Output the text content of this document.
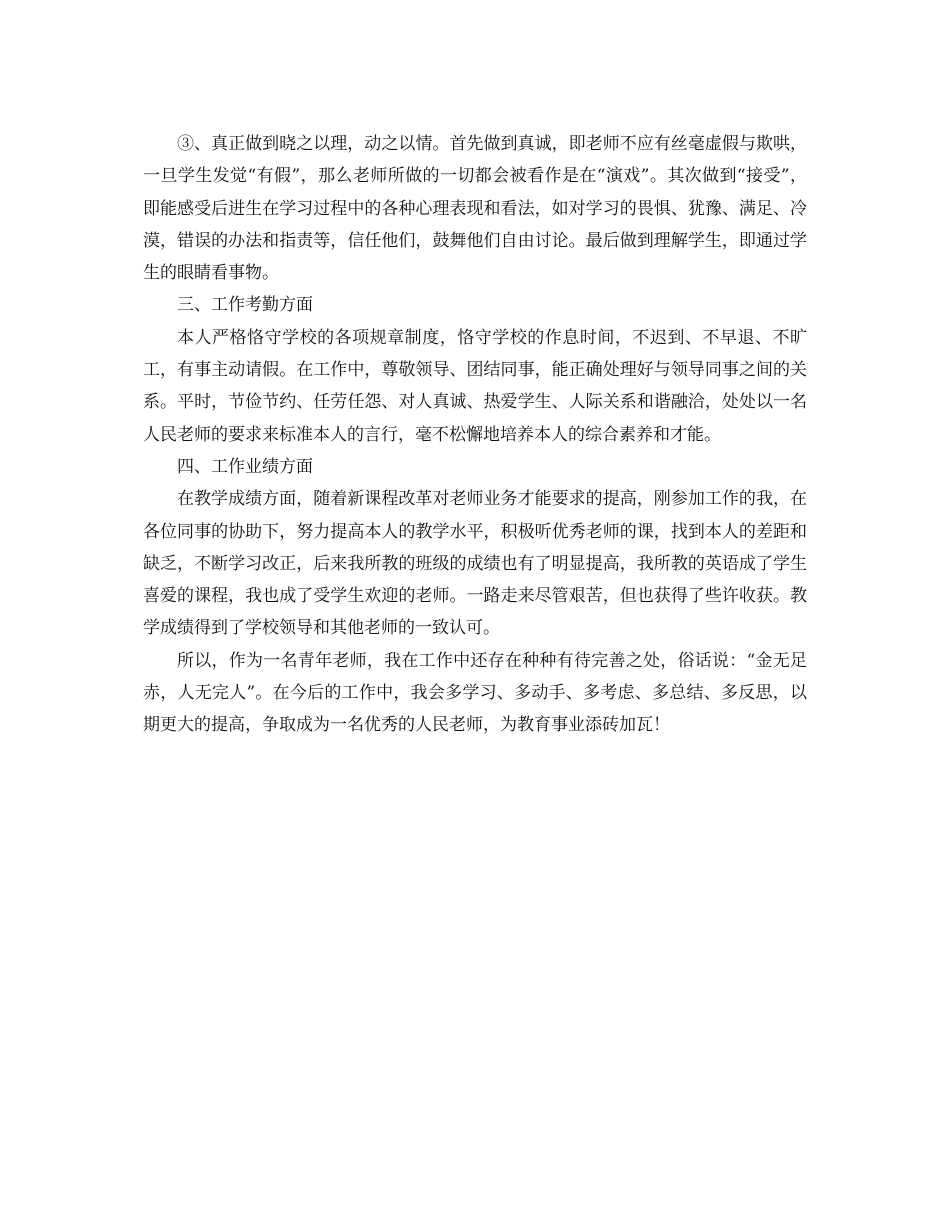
③、真正做到晓之以理，动之以情。首先做到真诚，即老师不应有丝毫虚假与欺哄，一旦学生发觉“有假”，那么老师所做的一切都会被看作是在“演戏”。其次做到“接受”，即能感受后进生在学习过程中的各种心理表现和看法，如对学习的畏惧、犹豫、满足、冷漠，错误的办法和指责等，信任他们，鼓舞他们自由讨论。最后做到理解学生，即通过学生的眼睛看事物。

三、工作考勤方面

本人严格恪守学校的各项规章制度，恪守学校的作息时间，不迟到、不早退、不旷工，有事主动请假。在工作中，尊敬领导、团结同事，能正确处理好与领导同事之间的关系。平时，节俭节约、任劳任怨、对人真诚、热爱学生、人际关系和谐融洽，处处以一名人民老师的要求来标准本人的言行，毫不松懈地培养本人的综合素养和才能。

四、工作业绩方面

在教学成绩方面，随着新课程改革对老师业务才能要求的提高，刚参加工作的我，在各位同事的协助下，努力提高本人的教学水平，积极听优秀老师的课，找到本人的差距和缺乏，不断学习改正，后来我所教的班级的成绩也有了明显提高，我所教的英语成了学生喜爱的课程，我也成了受学生欢迎的老师。一路走来尽管艰苦，但也获得了些许收获。教学成绩得到了学校领导和其他老师的一致认可。

所以，作为一名青年老师，我在工作中还存在种种有待完善之处，俗话说：“金无足赤，人无完人”。在今后的工作中，我会多学习、多动手、多考虑、多总结、多反思，以期更大的提高，争取成为一名优秀的人民老师，为教育事业添砖加瓦！
